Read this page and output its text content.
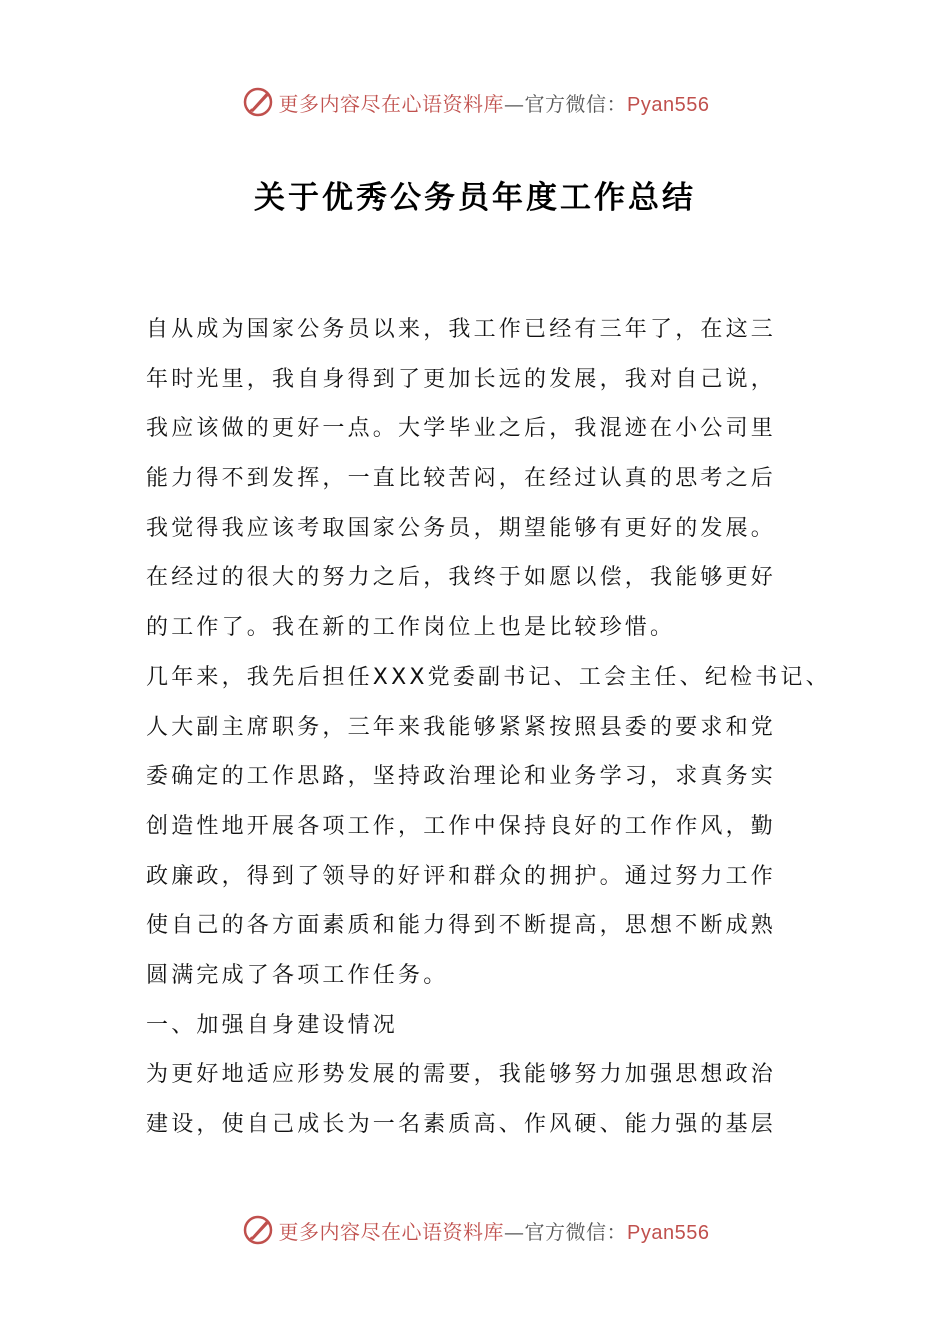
更多内容尽在心语资料库—官方微信：Pyan556
关于优秀公务员年度工作总结
自从成为国家公务员以来，我工作已经有三年了，在这三
年时光里，我自身得到了更加长远的发展，我对自己说，
我应该做的更好一点。大学毕业之后，我混迹在小公司里
能力得不到发挥，一直比较苦闷，在经过认真的思考之后
我觉得我应该考取国家公务员，期望能够有更好的发展。
在经过的很大的努力之后，我终于如愿以偿，我能够更好
的工作了。我在新的工作岗位上也是比较珍惜。
几年来，我先后担任XXX党委副书记、工会主任、纪检书记、
人大副主席职务，三年来我能够紧紧按照县委的要求和党
委确定的工作思路，坚持政治理论和业务学习，求真务实
创造性地开展各项工作，工作中保持良好的工作作风，勤
政廉政，得到了领导的好评和群众的拥护。通过努力工作
使自己的各方面素质和能力得到不断提高，思想不断成熟
圆满完成了各项工作任务。
一、加强自身建设情况
为更好地适应形势发展的需要，我能够努力加强思想政治
建设，使自己成长为一名素质高、作风硬、能力强的基层
更多内容尽在心语资料库—官方微信：Pyan556
